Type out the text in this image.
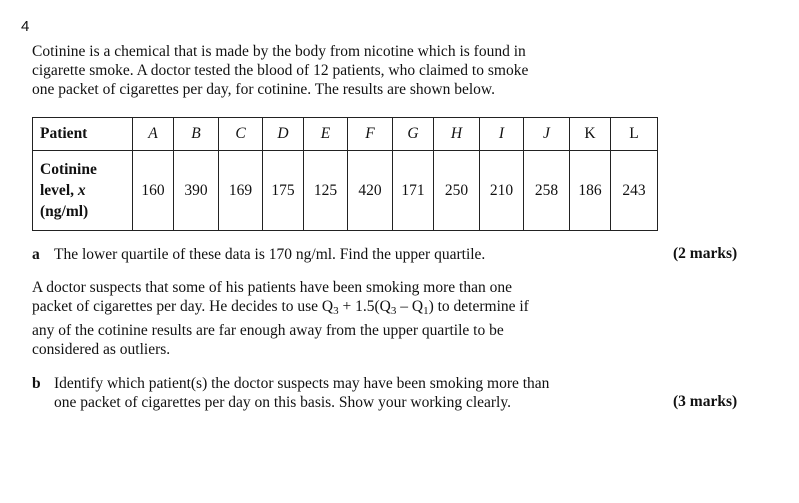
4
Cotinine is a chemical that is made by the body from nicotine which is found in
cigarette smoke. A doctor tested the blood of 12 patients, who claimed to smoke
one packet of cigarettes per day, for cotinine. The results are shown below.
Patient	A	B	C	D	E	F	G	H	I	J	K	L

Cotinine
level, x
(ng/ml)	160	390	169	175	125	420	171	250	210	258	186	243
a The lower quartile of these data is 170 ng/ml. Find the upper quartile.	(2 marks)
A doctor suspects that some of his patients have been smoking more than one
packet of cigarettes per day. He decides to use $Q_3 + 1.5(Q_3 - Q_1)$ to determine if
any of the cotinine results are far enough away from the upper quartile to be
considered as outliers.
b Identify which patient(s) the doctor suspects may have been smoking more than
one packet of cigarettes per day on this basis. Show your working clearly.	(3 marks)
